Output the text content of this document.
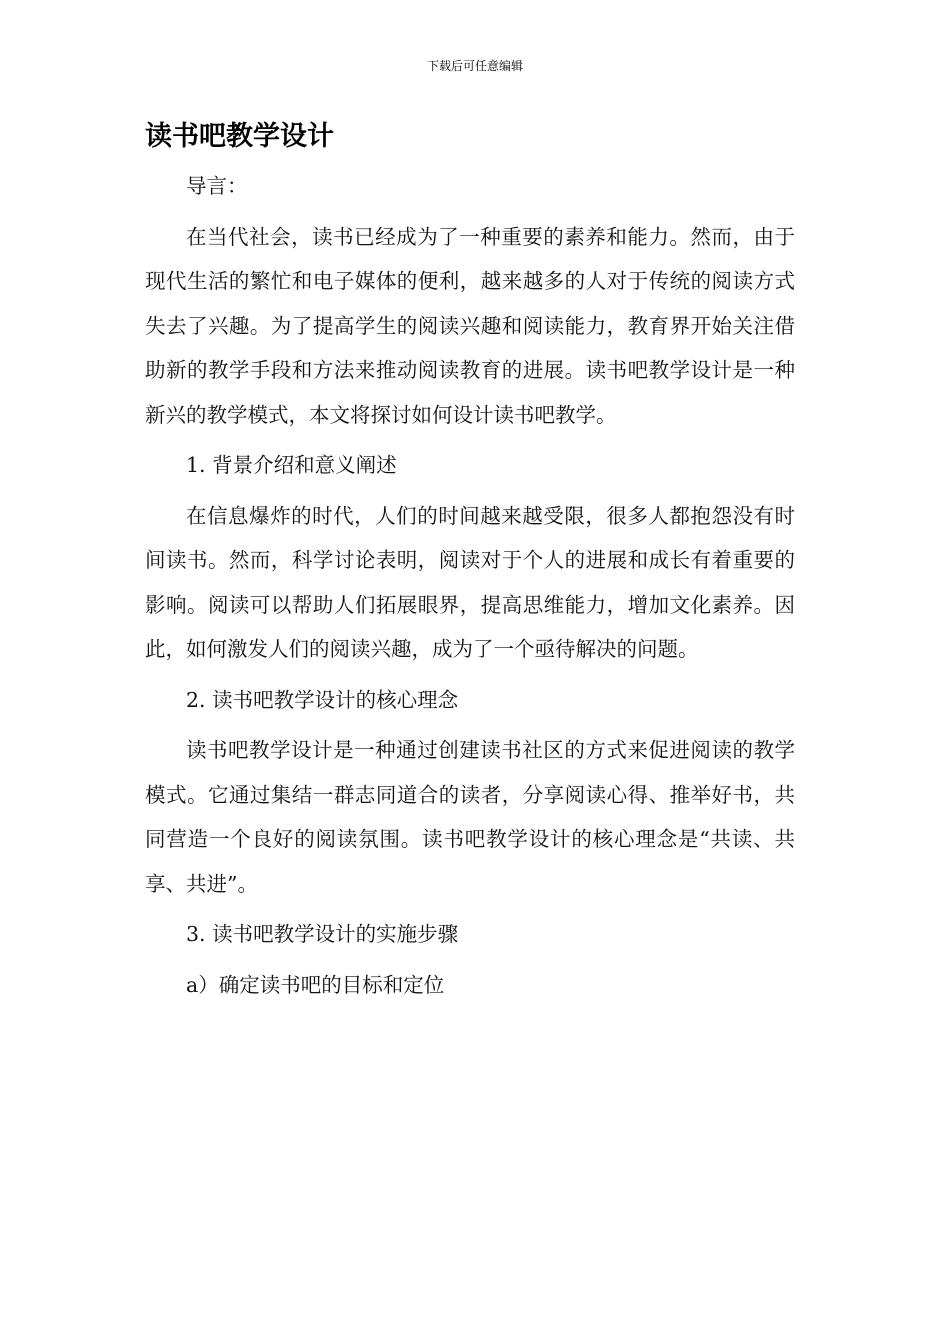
下载后可任意编辑
读书吧教学设计

导言：

在当代社会，读书已经成为了一种重要的素养和能力。然而，由于现代生活的繁忙和电子媒体的便利，越来越多的人对于传统的阅读方式失去了兴趣。为了提高学生的阅读兴趣和阅读能力，教育界开始关注借助新的教学手段和方法来推动阅读教育的进展。读书吧教学设计是一种新兴的教学模式，本文将探讨如何设计读书吧教学。

1. 背景介绍和意义阐述

在信息爆炸的时代，人们的时间越来越受限，很多人都抱怨没有时间读书。然而，科学讨论表明，阅读对于个人的进展和成长有着重要的影响。阅读可以帮助人们拓展眼界，提高思维能力，增加文化素养。因此，如何激发人们的阅读兴趣，成为了一个亟待解决的问题。

2. 读书吧教学设计的核心理念

读书吧教学设计是一种通过创建读书社区的方式来促进阅读的教学模式。它通过集结一群志同道合的读者，分享阅读心得、推举好书，共同营造一个良好的阅读氛围。读书吧教学设计的核心理念是“共读、共享、共进”。

3. 读书吧教学设计的实施步骤

a）确定读书吧的目标和定位
